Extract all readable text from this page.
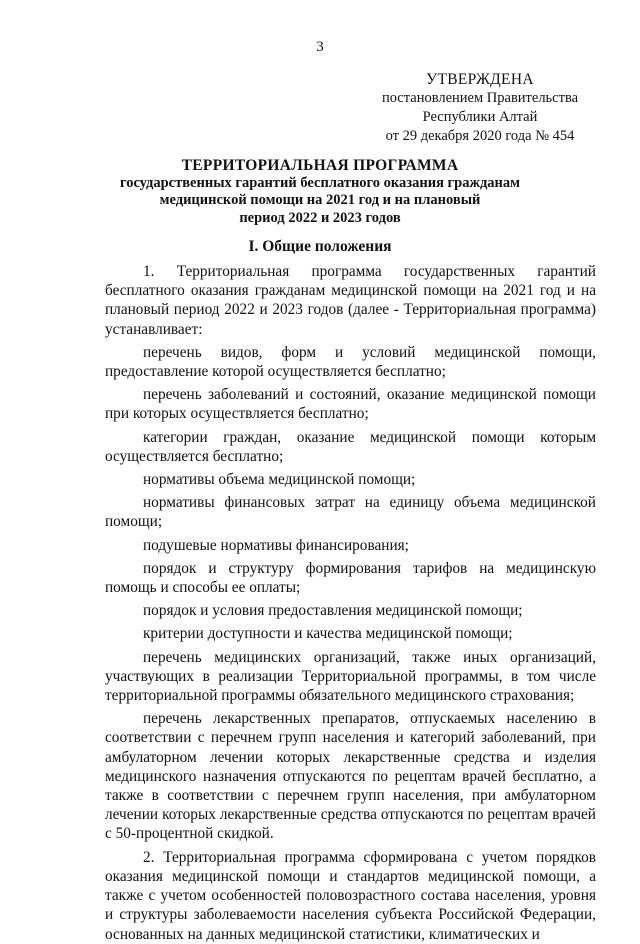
3
УТВЕРЖДЕНА
постановлением Правительства
Республики Алтай
от 29 декабря 2020 года № 454
ТЕРРИТОРИАЛЬНАЯ ПРОГРАММА
государственных гарантий бесплатного оказания гражданам
медицинской помощи на 2021 год и на плановый
период 2022 и 2023 годов
I. Общие положения

1. Территориальная программа государственных гарантий бесплатного оказания гражданам медицинской помощи на 2021 год и на плановый период 2022 и 2023 годов (далее - Территориальная программа) устанавливает:

перечень видов, форм и условий медицинской помощи, предоставление которой осуществляется бесплатно;

перечень заболеваний и состояний, оказание медицинской помощи при которых осуществляется бесплатно;

категории граждан, оказание медицинской помощи которым осуществляется бесплатно;

нормативы объема медицинской помощи;

нормативы финансовых затрат на единицу объема медицинской помощи;

подушевые нормативы финансирования;

порядок и структуру формирования тарифов на медицинскую помощь и способы ее оплаты;

порядок и условия предоставления медицинской помощи;

критерии доступности и качества медицинской помощи;

перечень медицинских организаций, также иных организаций, участвующих в реализации Территориальной программы, в том числе территориальной программы обязательного медицинского страхования;

перечень лекарственных препаратов, отпускаемых населению в соответствии с перечнем групп населения и категорий заболеваний, при амбулаторном лечении которых лекарственные средства и изделия медицинского назначения отпускаются по рецептам врачей бесплатно, а также в соответствии с перечнем групп населения, при амбулаторном лечении которых лекарственные средства отпускаются по рецептам врачей с 50-процентной скидкой.

2. Территориальная программа сформирована с учетом порядков оказания медицинской помощи и стандартов медицинской помощи, а также с учетом особенностей половозрастного состава населения, уровня и структуры заболеваемости населения субъекта Российской Федерации, основанных на данных медицинской статистики, климатических и
